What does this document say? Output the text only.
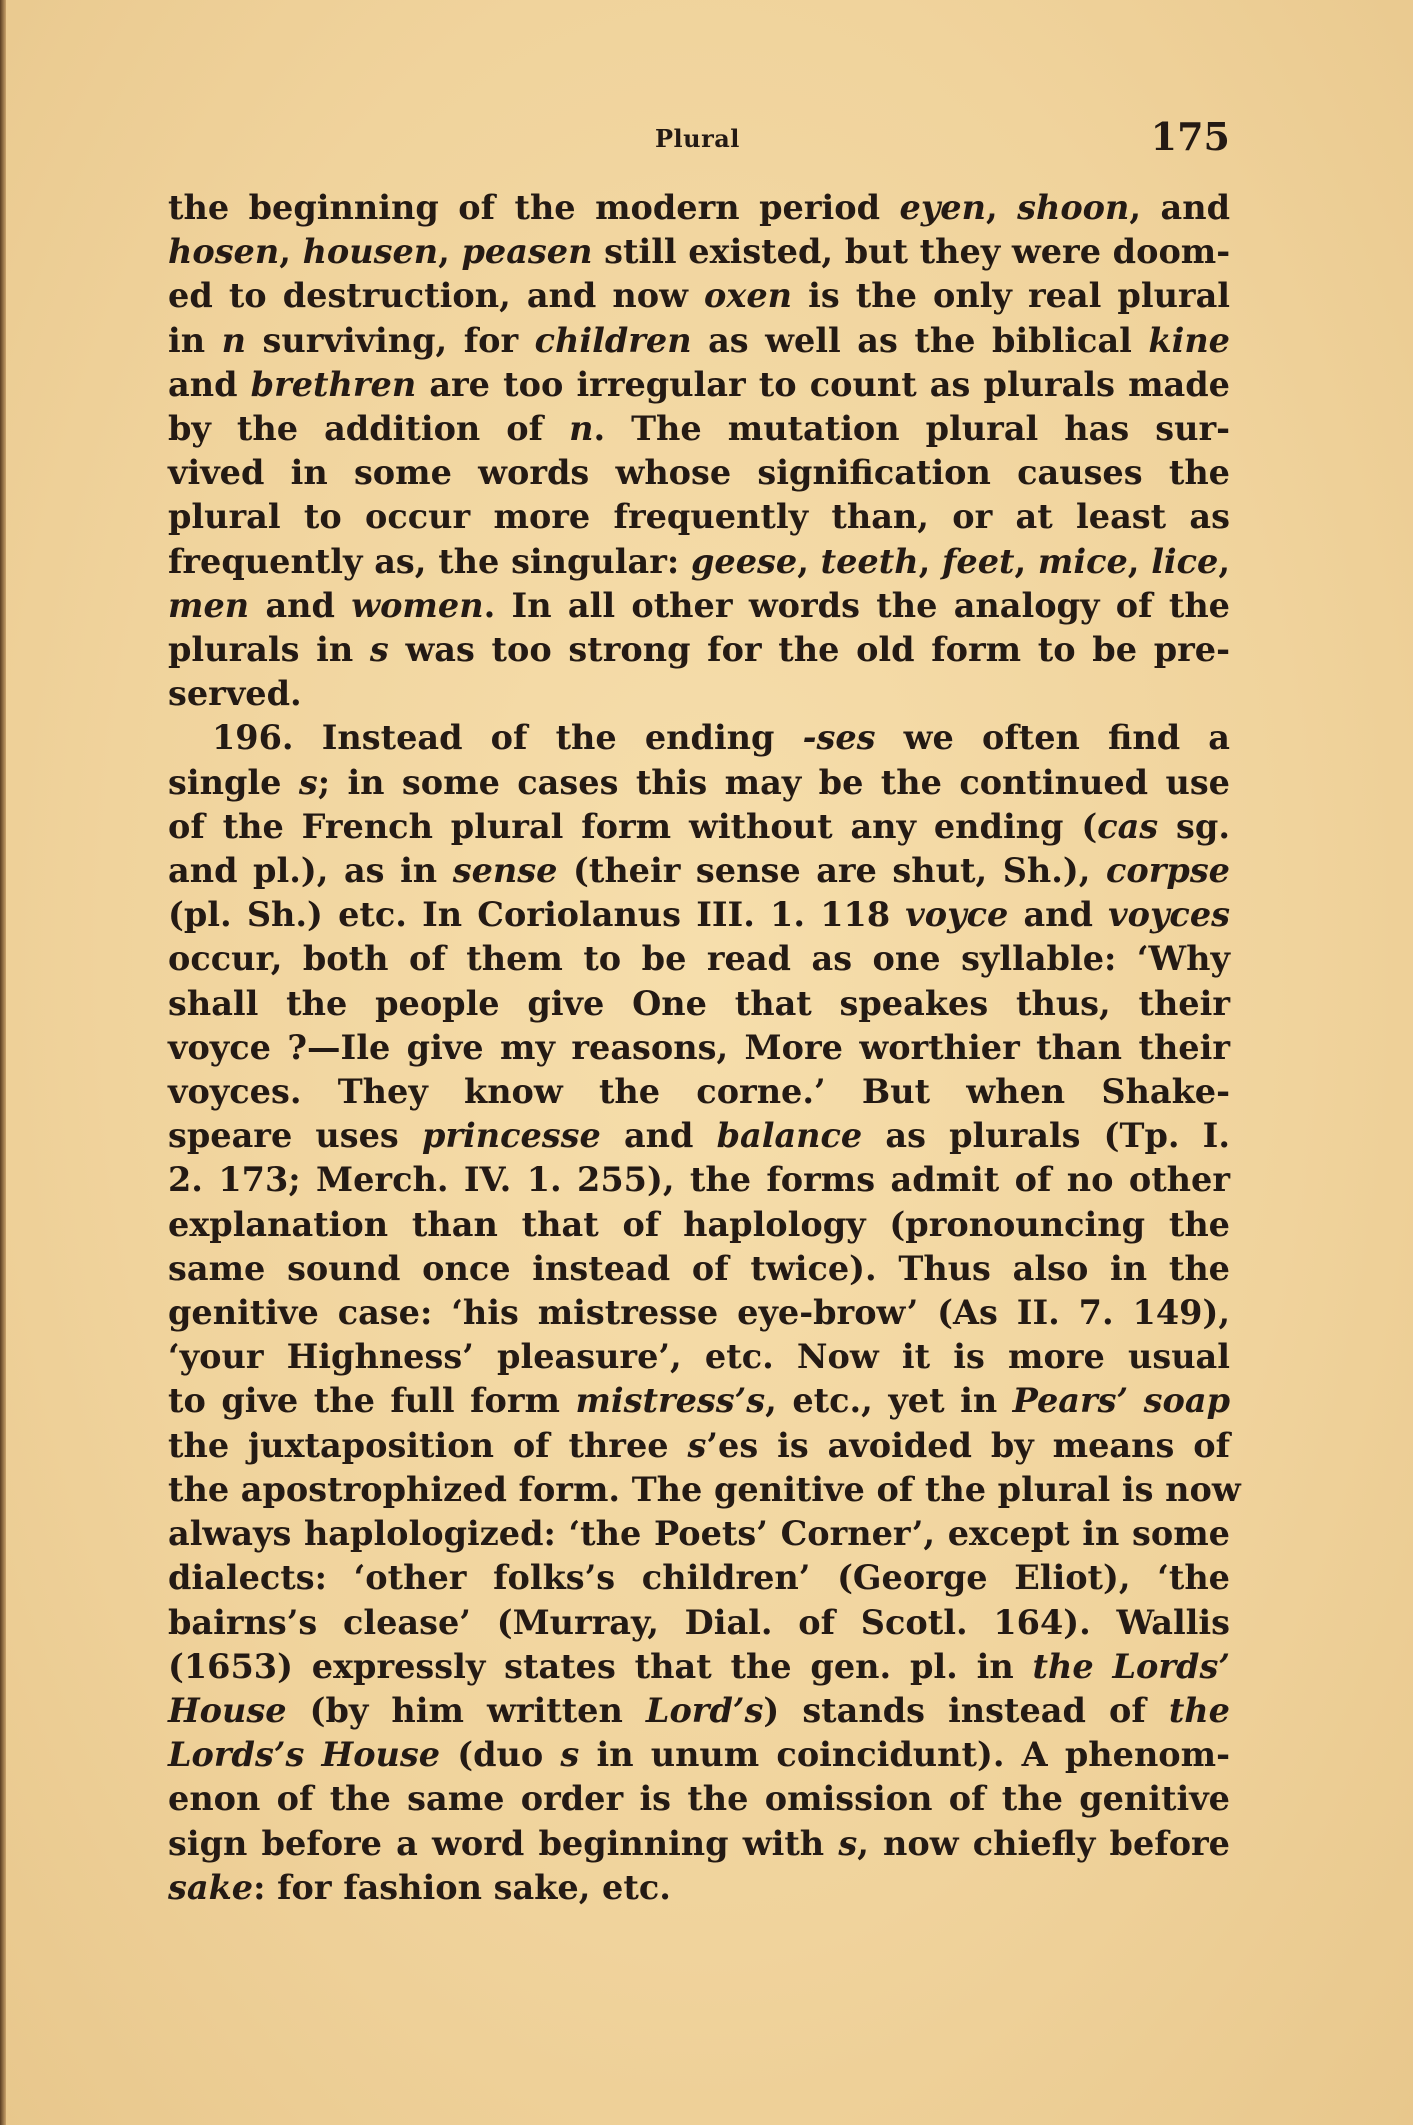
Plural	175
the beginning of the modern period eyen, shoon, and
hosen, housen, peasen still existed, but they were doom-
ed to destruction, and now oxen is the only real plural
in n surviving, for children as well as the biblical kine
and brethren are too irregular to count as plurals made
by the addition of n. The mutation plural has sur-
vived in some words whose signification causes the
plural to occur more frequently than, or at least as
frequently as, the singular: geese, teeth, feet, mice, lice,
men and women. In all other words the analogy of the
plurals in s was too strong for the old form to be pre-
served.
196. Instead of the ending -ses we often find a
single s; in some cases this may be the continued use
of the French plural form without any ending (cas sg.
and pl.), as in sense (their sense are shut, Sh.), corpse
(pl. Sh.) etc. In Coriolanus III. 1. 118 voyce and voyces
occur, both of them to be read as one syllable: ‘Why
shall the people give One that speakes thus, their
voyce ?—Ile give my reasons, More worthier than their
voyces. They know the corne.’ But when Shake-
speare uses princesse and balance as plurals (Tp. I.
2. 173; Merch. IV. 1. 255), the forms admit of no other
explanation than that of haplology (pronouncing the
same sound once instead of twice). Thus also in the
genitive case: ‘his mistresse eye-brow’ (As II. 7. 149),
‘your Highness’ pleasure’, etc. Now it is more usual
to give the full form mistress’s, etc., yet in Pears’ soap
the juxtaposition of three s’es is avoided by means of
the apostrophized form. The genitive of the plural is now
always haplologized: ‘the Poets’ Corner’, except in some
dialects: ‘other folks’s children’ (George Eliot), ‘the
bairns’s clease’ (Murray, Dial. of Scotl. 164). Wallis
(1653) expressly states that the gen. pl. in the Lords’
House (by him written Lord’s) stands instead of the
Lords’s House (duo s in unum coincidunt). A phenom-
enon of the same order is the omission of the genitive
sign before a word beginning with s, now chiefly before
sake: for fashion sake, etc.
